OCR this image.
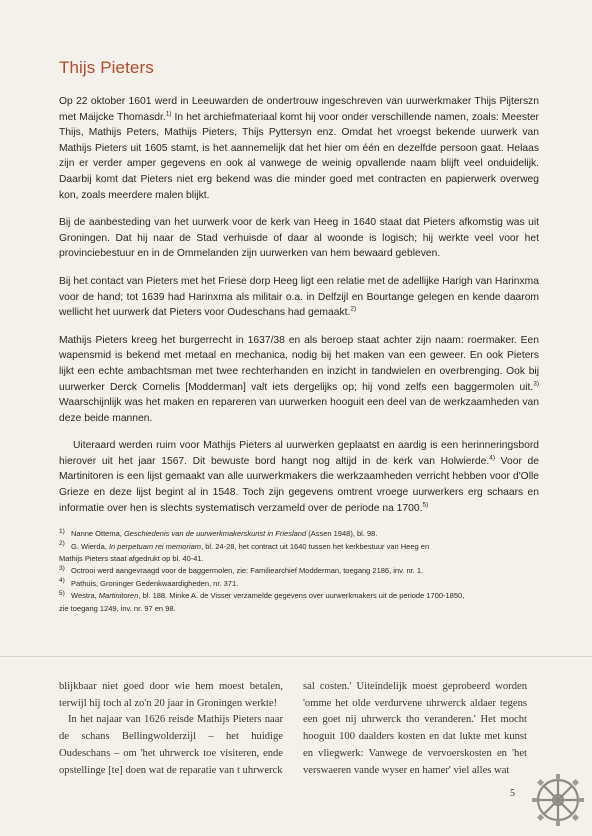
Thijs Pieters

Op 22 oktober 1601 werd in Leeuwarden de ondertrouw ingeschreven van uurwerkmaker Thijs Pijterszn met Maijcke Thomasdr.$^{1)}$ In het archiefmateriaal komt hij voor onder verschillende namen, zoals: Meester Thijs, Mathijs Peters, Mathijs Pieters, Thijs Pyttersyn enz. Omdat het vroegst bekende uurwerk van Mathijs Pieters uit 1605 stamt, is het aannemelijk dat het hier om één en dezelfde persoon gaat. Helaas zijn er verder amper gegevens en ook al vanwege de weinig opvallende naam blijft veel onduidelijk. Daarbij komt dat Pieters niet erg bekend was die minder goed met contracten en papierwerk overweg kon, zoals meerdere malen blijkt.

Bij de aanbesteding van het uurwerk voor de kerk van Heeg in 1640 staat dat Pieters afkomstig was uit Groningen. Dat hij naar de Stad verhuisde of daar al woonde is logisch; hij werkte veel voor het provinciebestuur en in de Ommelanden zijn uurwerken van hem bewaard gebleven.

Bij het contact van Pieters met het Friese dorp Heeg ligt een relatie met de adellijke Harigh van Harinxma voor de hand; tot 1639 had Harinxma als militair o.a. in Delfzijl en Bourtange gelegen en kende daarom wellicht het uurwerk dat Pieters voor Oudeschans had gemaakt.$^{2)}$

Mathijs Pieters kreeg het burgerrecht in 1637/38 en als beroep staat achter zijn naam: roermaker. Een wapensmid is bekend met metaal en mechanica, nodig bij het maken van een geweer. En ook Pieters lijkt een echte ambachtsman met twee rechterhanden en inzicht in tandwielen en overbrenging. Ook bij uurwerker Derck Cornelis [Modderman] valt iets dergelijks op; hij vond zelfs een baggermolen uit.$^{3)}$ Waarschijnlijk was het maken en repareren van uurwerken hooguit een deel van de werkzaamheden van deze beide mannen.

Uiteraard werden ruim voor Mathijs Pieters al uurwerken geplaatst en aardig is een herinneringsbord hierover uit het jaar 1567. Dit bewuste bord hangt nog altijd in de kerk van Holwierde.$^{4)}$ Voor de Martinitoren is een lijst gemaakt van alle uurwerkmakers die werkzaamheden verricht hebben voor d'Olle Grieze en deze lijst begint al in 1548. Toch zijn gegevens omtrent vroege uurwerkers erg schaars en informatie over hen is slechts systematisch verzameld over de periode na 1700.$^{5)}$

$^{1)}$ Nanne Ottema, Geschiedenis van de uurwerkmakerskunst in Friesland (Assen 1948), bl. 98.

$^{2)}$ G. Wierda, In perpetuam rei memoriam, bl. 24-28, het contract uit 1640 tussen het kerkbestuur van Heeg en

Mathijs Pieters staat afgedrukt op bl. 40-41.

$^{3)}$ Octrooi werd aangevraagd voor de baggermolen, zie: Familiearchief Modderman, toegang 2186, inv. nr. 1.

$^{4)}$ Pathuis, Groninger Gedenkwaardigheden, nr. 371.

$^{5)}$ Westra, Martinitoren, bl. 188. Minke A. de Visser verzamelde gegevens over uurwerkmakers uit de periode 1700-1850,

zie toegang 1249, inv. nr. 97 en 98.

blijkbaar niet goed door wie hem moest betalen, terwijl hij toch al zo'n 20 jaar in Groningen werkte!

In het najaar van 1626 reisde Mathijs Pieters naar de schans Bellingwolderzijl – het huidige Oudeschans – om 'het uhrwerck toe visiteren, ende opstellinge [te] doen wat de reparatie van t uhrwerck

sal costen.' Uiteindelijk moest geprobeerd worden 'omme het olde verdurvene uhrwerck aldaer tegens een goet nij uhrwerck tho veranderen.' Het mocht hooguit 100 daalders kosten en dat lukte met kunst en vliegwerk: Vanwege de vervoerskosten en 'het verswaeren vande wyser en hamer' viel alles wat

5
